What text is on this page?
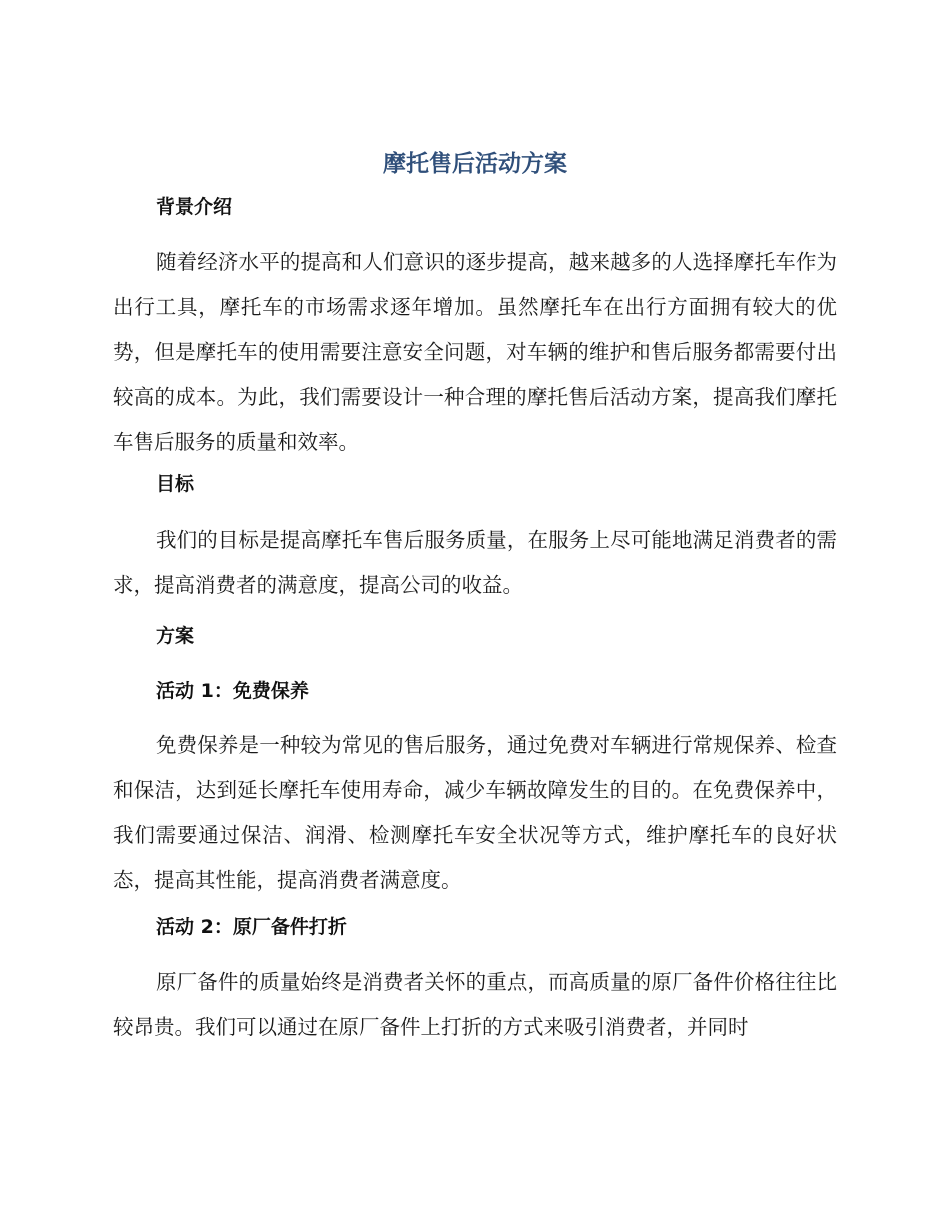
摩托售后活动方案
背景介绍

随着经济水平的提高和人们意识的逐步提高，越来越多的人选择摩托车作为出行工具，摩托车的市场需求逐年增加。虽然摩托车在出行方面拥有较大的优势，但是摩托车的使用需要注意安全问题，对车辆的维护和售后服务都需要付出较高的成本。为此，我们需要设计一种合理的摩托售后活动方案，提高我们摩托车售后服务的质量和效率。

目标

我们的目标是提高摩托车售后服务质量，在服务上尽可能地满足消费者的需求，提高消费者的满意度，提高公司的收益。

方案
活动 1：免费保养

免费保养是一种较为常见的售后服务，通过免费对车辆进行常规保养、检查和保洁，达到延长摩托车使用寿命，减少车辆故障发生的目的。在免费保养中，我们需要通过保洁、润滑、检测摩托车安全状况等方式，维护摩托车的良好状态，提高其性能，提高消费者满意度。

活动 2：原厂备件打折

原厂备件的质量始终是消费者关怀的重点，而高质量的原厂备件价格往往比较昂贵。我们可以通过在原厂备件上打折的方式来吸引消费者，并同时
